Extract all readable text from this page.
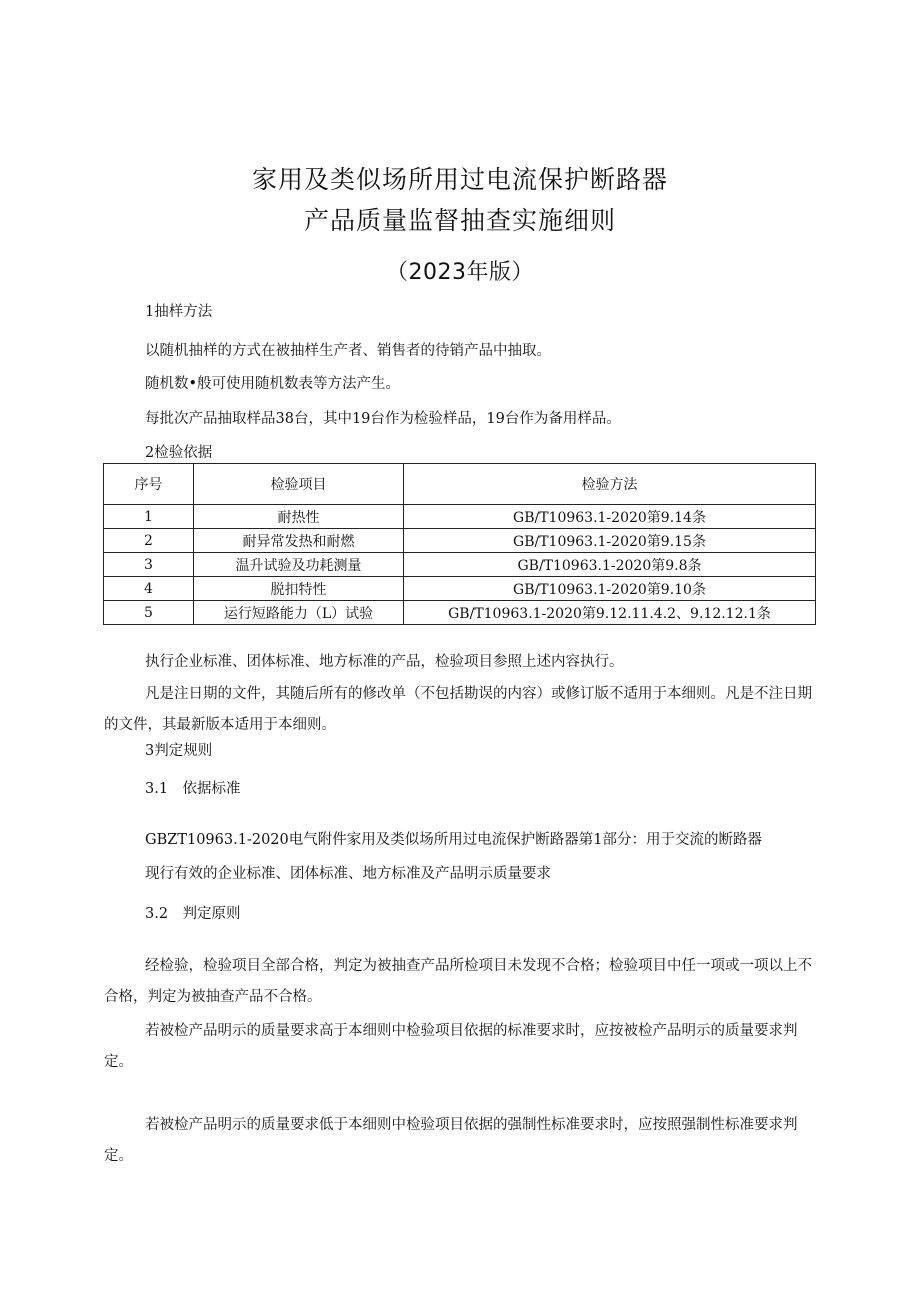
家用及类似场所用过电流保护断路器
产品质量监督抽查实施细则
（2023年版）
1抽样方法
以随机抽样的方式在被抽样生产者、销售者的待销产品中抽取。
随机数•般可使用随机数表等方法产生。
每批次产品抽取样品38台，其中19台作为检验样品，19台作为备用样品。
2检验依据
序号	检验项目	检验方法
1	耐热性	GB/T10963.1-2020第9.14条
2	耐异常发热和耐燃	GB/T10963.1-2020第9.15条
3	温升试验及功耗测量	GB/T10963.1-2020第9.8条
4	脱扣特性	GB/T10963.1-2020第9.10条
5	运行短路能力（L）试验	GB/T10963.1-2020第9.12.11.4.2、9.12.12.1条
执行企业标准、团体标准、地方标准的产品，检验项目参照上述内容执行。
凡是注日期的文件，其随后所有的修改单（不包括勘误的内容）或修订版不适用于本细则。凡是不注日期的文件，其最新版本适用于本细则。
3判定规则
3.1　依据标准
GBZT10963.1-2020电气附件家用及类似场所用过电流保护断路器第1部分：用于交流的断路器
现行有效的企业标准、团体标准、地方标准及产品明示质量要求
3.2　判定原则
经检验，检验项目全部合格，判定为被抽查产品所检项目未发现不合格；检验项目中任一项或一项以上不合格，判定为被抽查产品不合格。
若被检产品明示的质量要求高于本细则中检验项目依据的标准要求时，应按被检产品明示的质量要求判定。
若被检产品明示的质量要求低于本细则中检验项目依据的强制性标准要求时，应按照强制性标准要求判定。
